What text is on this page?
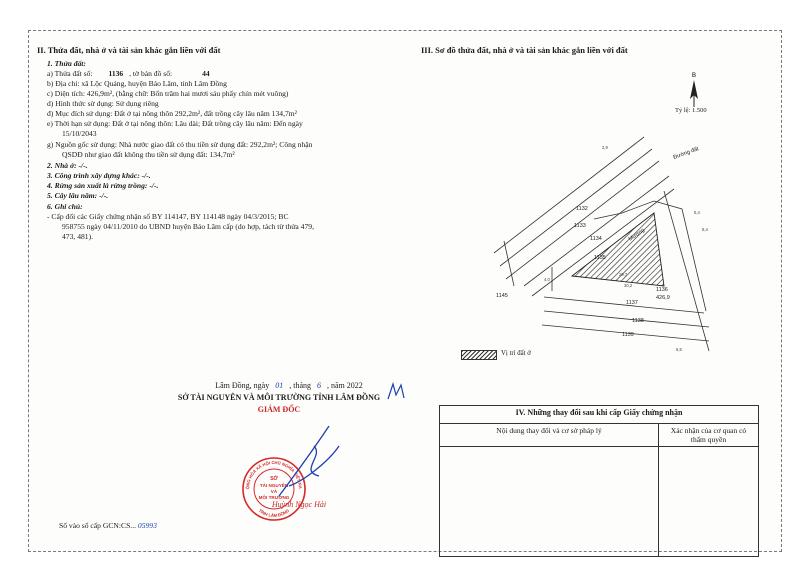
II. Thửa đất, nhà ở và tài sản khác gắn liền với đất
1. Thửa đất:
a) Thửa đất số: 1136 , tờ bản đồ số:	44
b) Địa chỉ: xã Lộc Quảng, huyện Bảo Lâm, tỉnh Lâm Đồng
c) Diện tích: 426,9m², (bằng chữ: Bốn trăm hai mươi sáu phẩy chín mét vuông)
d) Hình thức sử dụng: Sử dụng riêng
đ) Mục đích sử dụng: Đất ở tại nông thôn 292,2m², đất trồng cây lâu năm 134,7m²
e) Thời hạn sử dụng: Đất ở tại nông thôn: Lâu dài; Đất trồng cây lâu năm: Đến ngày
15/10/2043
g) Nguồn gốc sử dụng: Nhà nước giao đất có thu tiền sử dụng đất: 292,2m²; Công nhận
QSDĐ như giao đất không thu tiền sử dụng đất: 134,7m²
2. Nhà ở: -/-.
3. Công trình xây dựng khác: -/-.
4. Rừng sản xuất là rừng trồng: -/-.
5. Cây lâu năm: -/-.
6. Ghi chú:
- Cấp đổi các Giấy chứng nhận số BY 114147, BY 114148 ngày 04/3/2015; BC
958755 ngày 04/11/2010 do UBND huyện Bảo Lâm cấp (do hợp, tách từ thửa 479,
473, 481).
Lâm Đồng, ngày 01 , tháng 6 , năm 2022
SỞ TÀI NGUYÊN VÀ MÔI TRƯỜNG TỈNH LÂM ĐỒNG
GIÁM ĐỐC
ỘNG HÒA XÃ HỘI CHỦ NGHĨA VIỆT NA
TỈNH LÂM ĐỒNG
SỞ
TÀI NGUYÊN
VÀ
MÔI TRƯỜNG
Huỳnh Ngọc Hải
Số vào sổ cấp GCN:CS... 05993
III. Sơ đồ thửa đất, nhà ở và tài sản khác gắn liền với đất
B
Tỷ lệ: 1.500
1132
1133
1134
1135
1145
1137
1138
1139
1136
426,9
Đường đất
Mương
2,9
5,4
8,4
29,7
30,2
4,0
5,5
Vị trí đất ở
IV. Những thay đổi sau khi cấp Giấy chứng nhận	
Nội dung thay đổi và cơ sở pháp lý	Xác nhận của cơ quan có thẩm quyền
